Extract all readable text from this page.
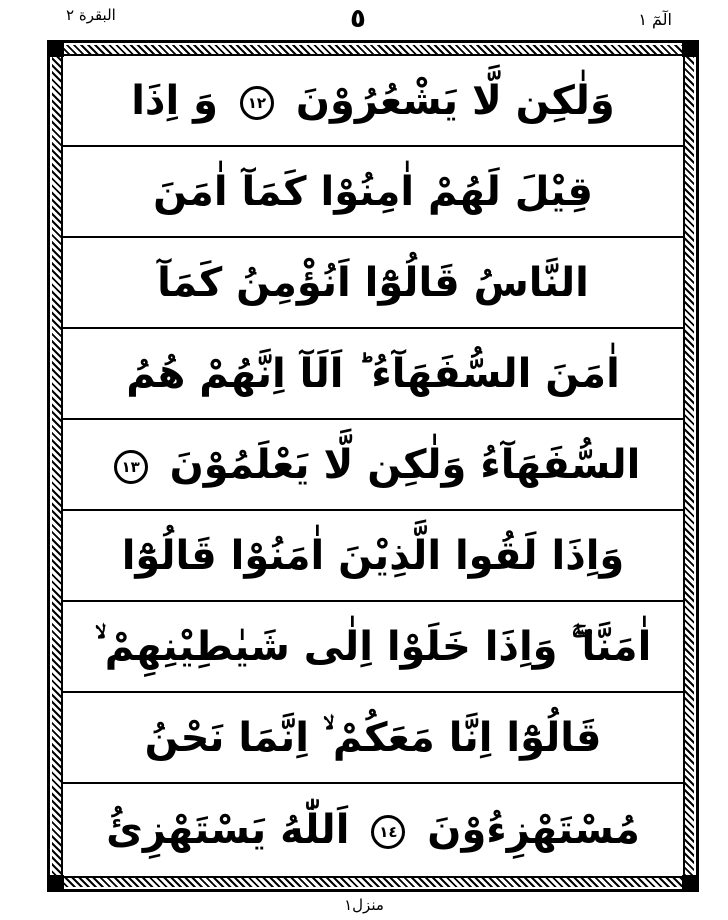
البقرة ٢	٥	الٓمٓ ١
وَلٰكِن لَّا يَشْعُرُوْنَ ١٢ وَ اِذَا
قِيْلَ لَهُمْ اٰمِنُوْا كَمَآ اٰمَنَ
النَّاسُ قَالُوْٓا اَنُؤْمِنُ كَمَآ
اٰمَنَ السُّفَهَآءُ ؕ اَلَآ اِنَّهُمْ هُمُ
السُّفَهَآءُ وَلٰكِن لَّا يَعْلَمُوْنَ ١٣
وَاِذَا لَقُوا الَّذِيْنَ اٰمَنُوْا قَالُوْٓا
اٰمَنَّا ۖۚ وَاِذَا خَلَوْا اِلٰى شَيٰطِيْنِهِمْ ۙ
قَالُوْٓا اِنَّا مَعَكُمْ ۙ اِنَّمَا نَحْنُ
مُسْتَهْزِءُوْنَ ١٤ اَللّٰهُ يَسْتَهْزِئُ
منزل١
